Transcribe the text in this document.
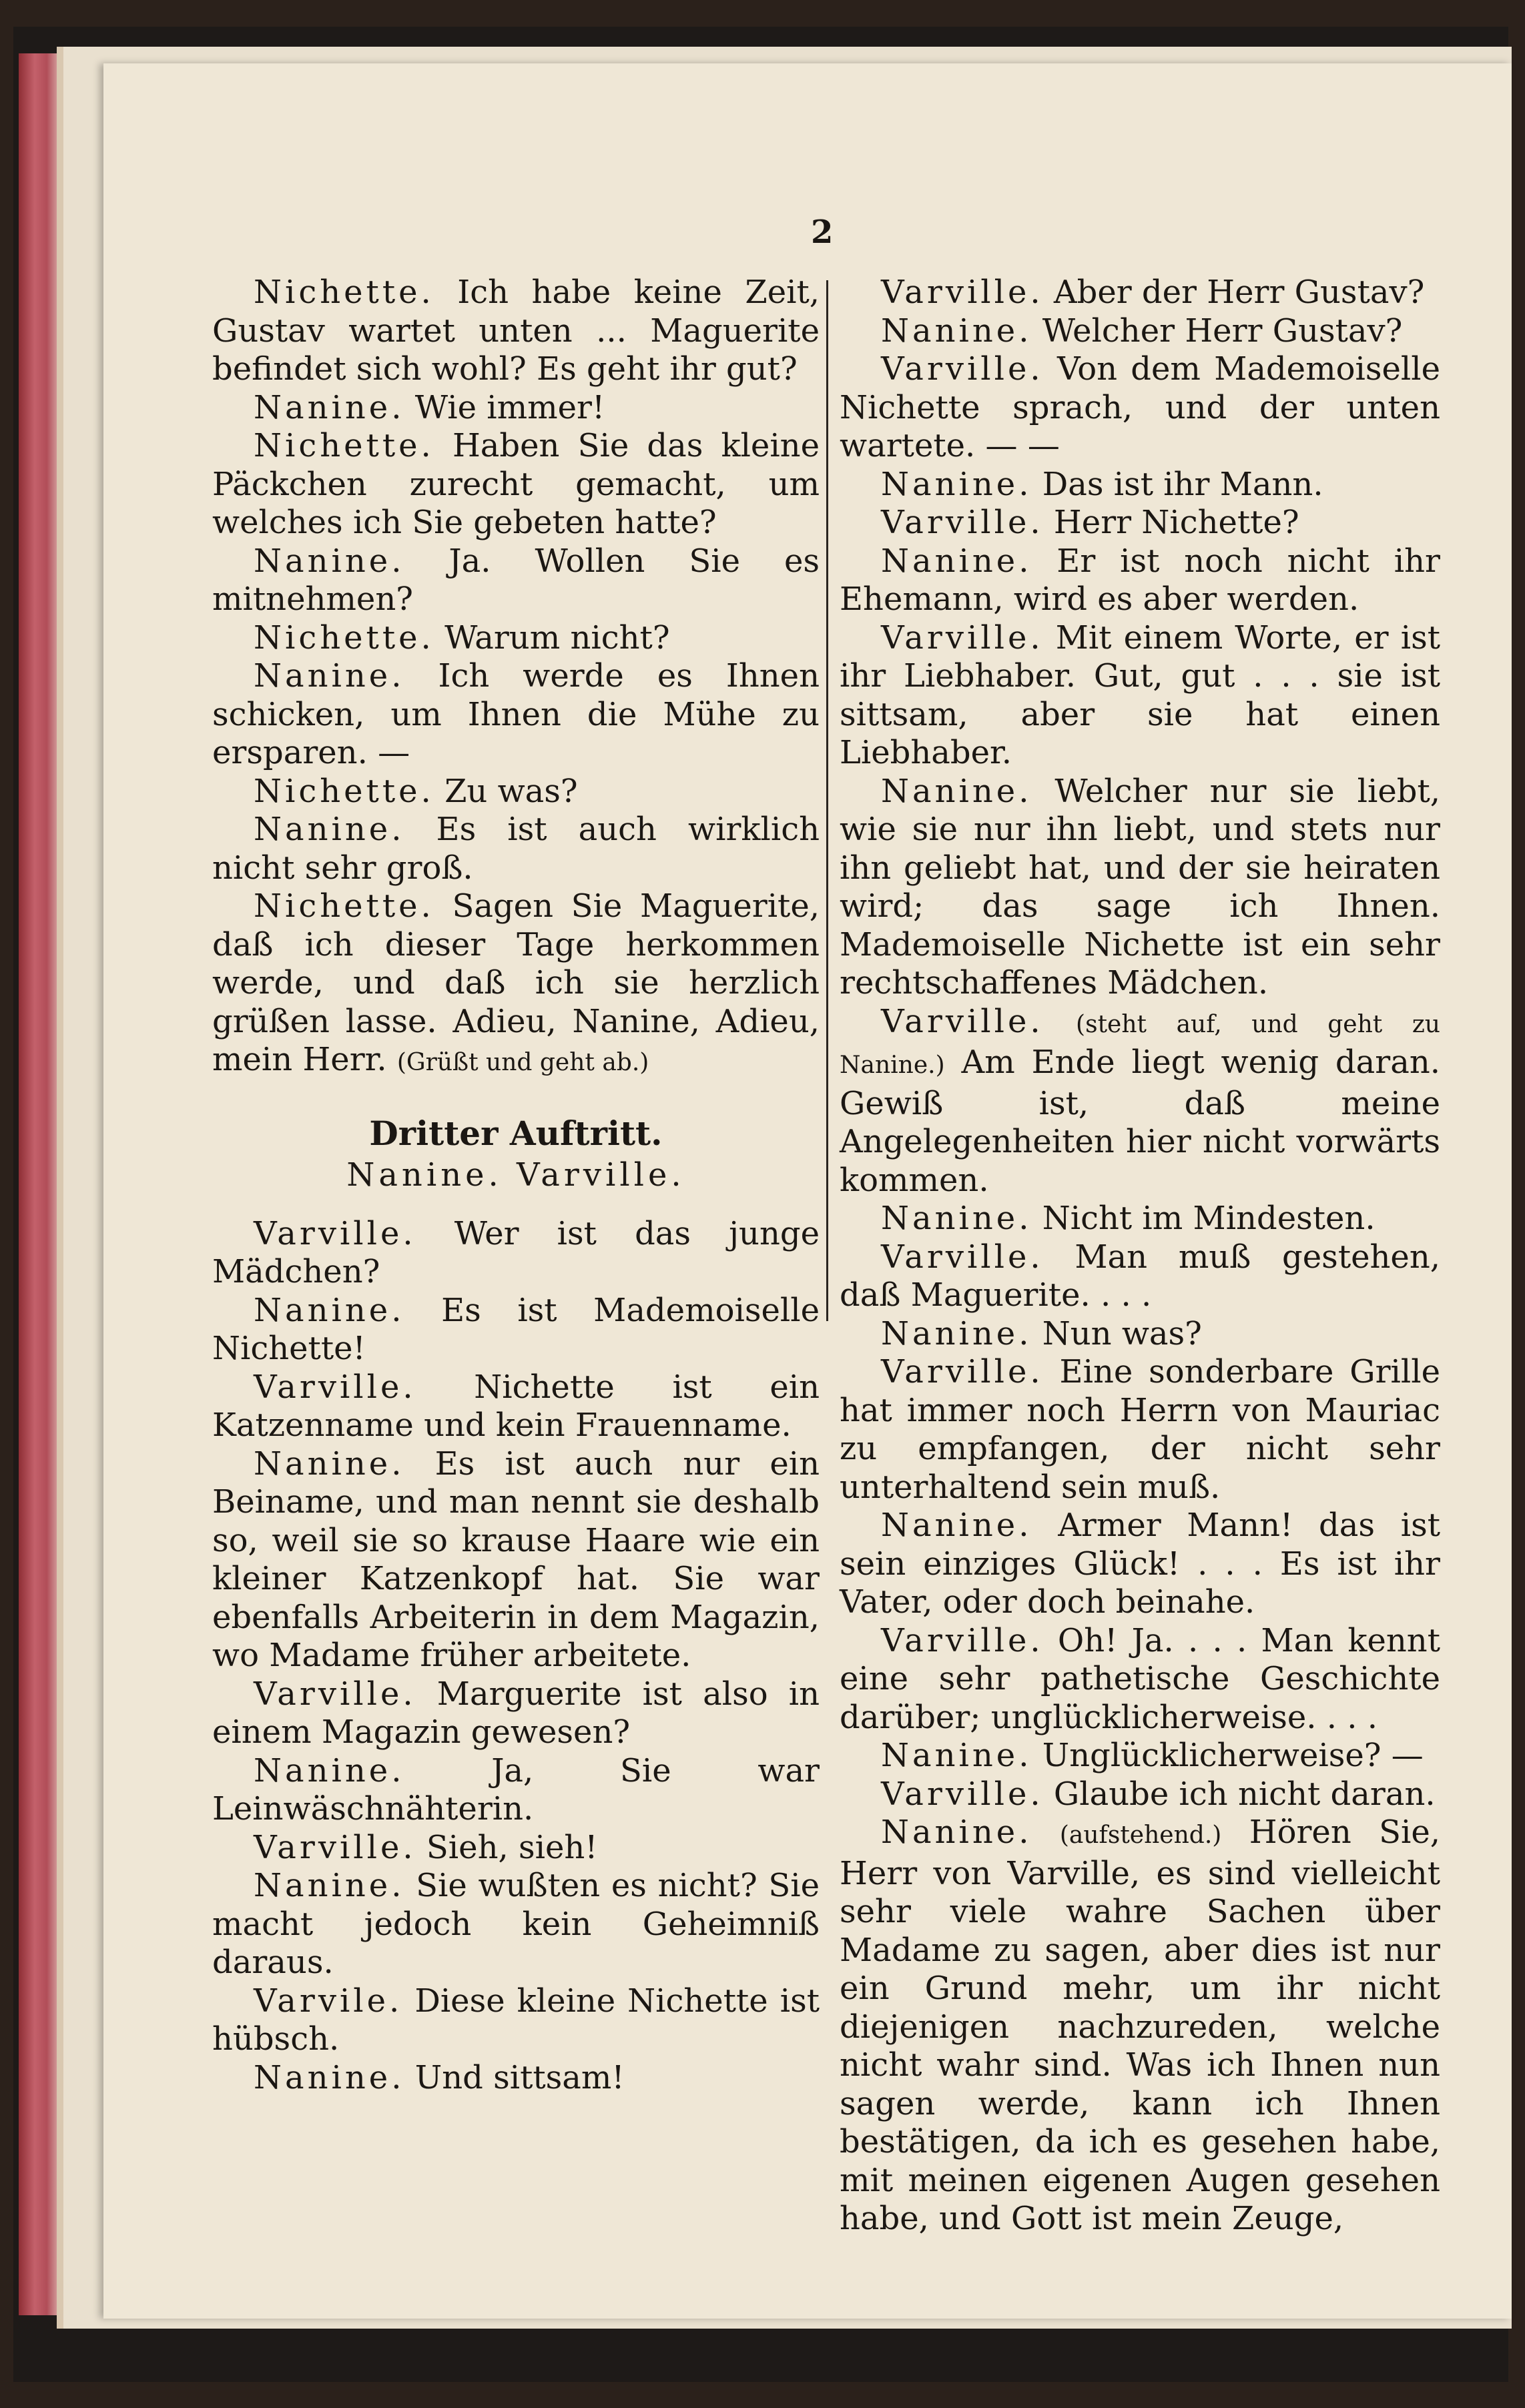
2

Nichette. Ich habe keine Zeit, Gustav wartet unten ... Maguerite befindet sich wohl? Es geht ihr gut?

Nanine. Wie immer!

Nichette. Haben Sie das kleine Päckchen zurecht gemacht, um welches ich Sie gebeten hatte?

Nanine. Ja. Wollen Sie es mitnehmen?

Nichette. Warum nicht?

Nanine. Ich werde es Ihnen schicken, um Ihnen die Mühe zu ersparen. —

Nichette. Zu was?

Nanine. Es ist auch wirklich nicht sehr groß.

Nichette. Sagen Sie Maguerite, daß ich dieser Tage herkommen werde, und daß ich sie herzlich grüßen lasse. Adieu, Nanine, Adieu, mein Herr. (Grüßt und geht ab.)

Dritter Auftritt.

Nanine. Varville.

Varville. Wer ist das junge Mädchen?

Nanine. Es ist Mademoiselle Nichette!

Varville. Nichette ist ein Katzenname und kein Frauenname.

Nanine. Es ist auch nur ein Beiname, und man nennt sie deshalb so, weil sie so krause Haare wie ein kleiner Katzenkopf hat. Sie war ebenfalls Arbeiterin in dem Magazin, wo Madame früher arbeitete.

Varville. Marguerite ist also in einem Magazin gewesen?

Nanine.	Ja, Sie war Leinwäschnähterin.

Varville. Sieh, sieh!

Nanine. Sie wußten es nicht? Sie macht jedoch kein Geheimniß daraus.

Varvile. Diese kleine Nichette ist hübsch.

Nanine. Und sittsam!

Varville. Aber der Herr Gustav?

Nanine. Welcher Herr Gustav?

Varville. Von dem Mademoiselle Nichette sprach, und der unten wartete. — —

Nanine. Das ist ihr Mann.

Varville. Herr Nichette?

Nanine. Er ist noch nicht ihr Ehemann, wird es aber werden.

Varville. Mit einem Worte, er ist ihr Liebhaber. Gut, gut . . . sie ist sittsam, aber sie hat einen Liebhaber.

Nanine. Welcher nur sie liebt, wie sie nur ihn liebt, und stets nur ihn geliebt hat, und der sie heiraten wird; das sage ich Ihnen. Mademoiselle Nichette ist ein sehr rechtschaffenes Mädchen.

Varville. (steht auf, und geht zu Nanine.) Am Ende liegt wenig daran. Gewiß ist, daß meine Angelegenheiten hier nicht vorwärts kommen.

Nanine. Nicht im Mindesten.

Varville. Man muß gestehen, daß Maguerite. . . .

Nanine. Nun was?

Varville. Eine sonderbare Grille hat immer noch Herrn von Mauriac zu empfangen, der nicht sehr unterhaltend sein muß.

Nanine. Armer Mann! das ist sein einziges Glück! . . . Es ist ihr Vater, oder doch beinahe.

Varville. Oh! Ja. . . . Man kennt eine sehr pathetische Geschichte darüber; unglücklicherweise. . . .

Nanine. Unglücklicherweise? —

Varville. Glaube ich nicht daran.

Nanine. (aufstehend.) Hören Sie, Herr von Varville, es sind vielleicht sehr viele wahre Sachen über Madame zu sagen, aber dies ist nur ein Grund mehr, um ihr nicht diejenigen nachzureden, welche nicht wahr sind. Was ich Ihnen nun sagen werde, kann ich Ihnen bestätigen, da ich es gesehen habe, mit meinen eigenen Augen gesehen habe, und Gott ist mein Zeuge,
